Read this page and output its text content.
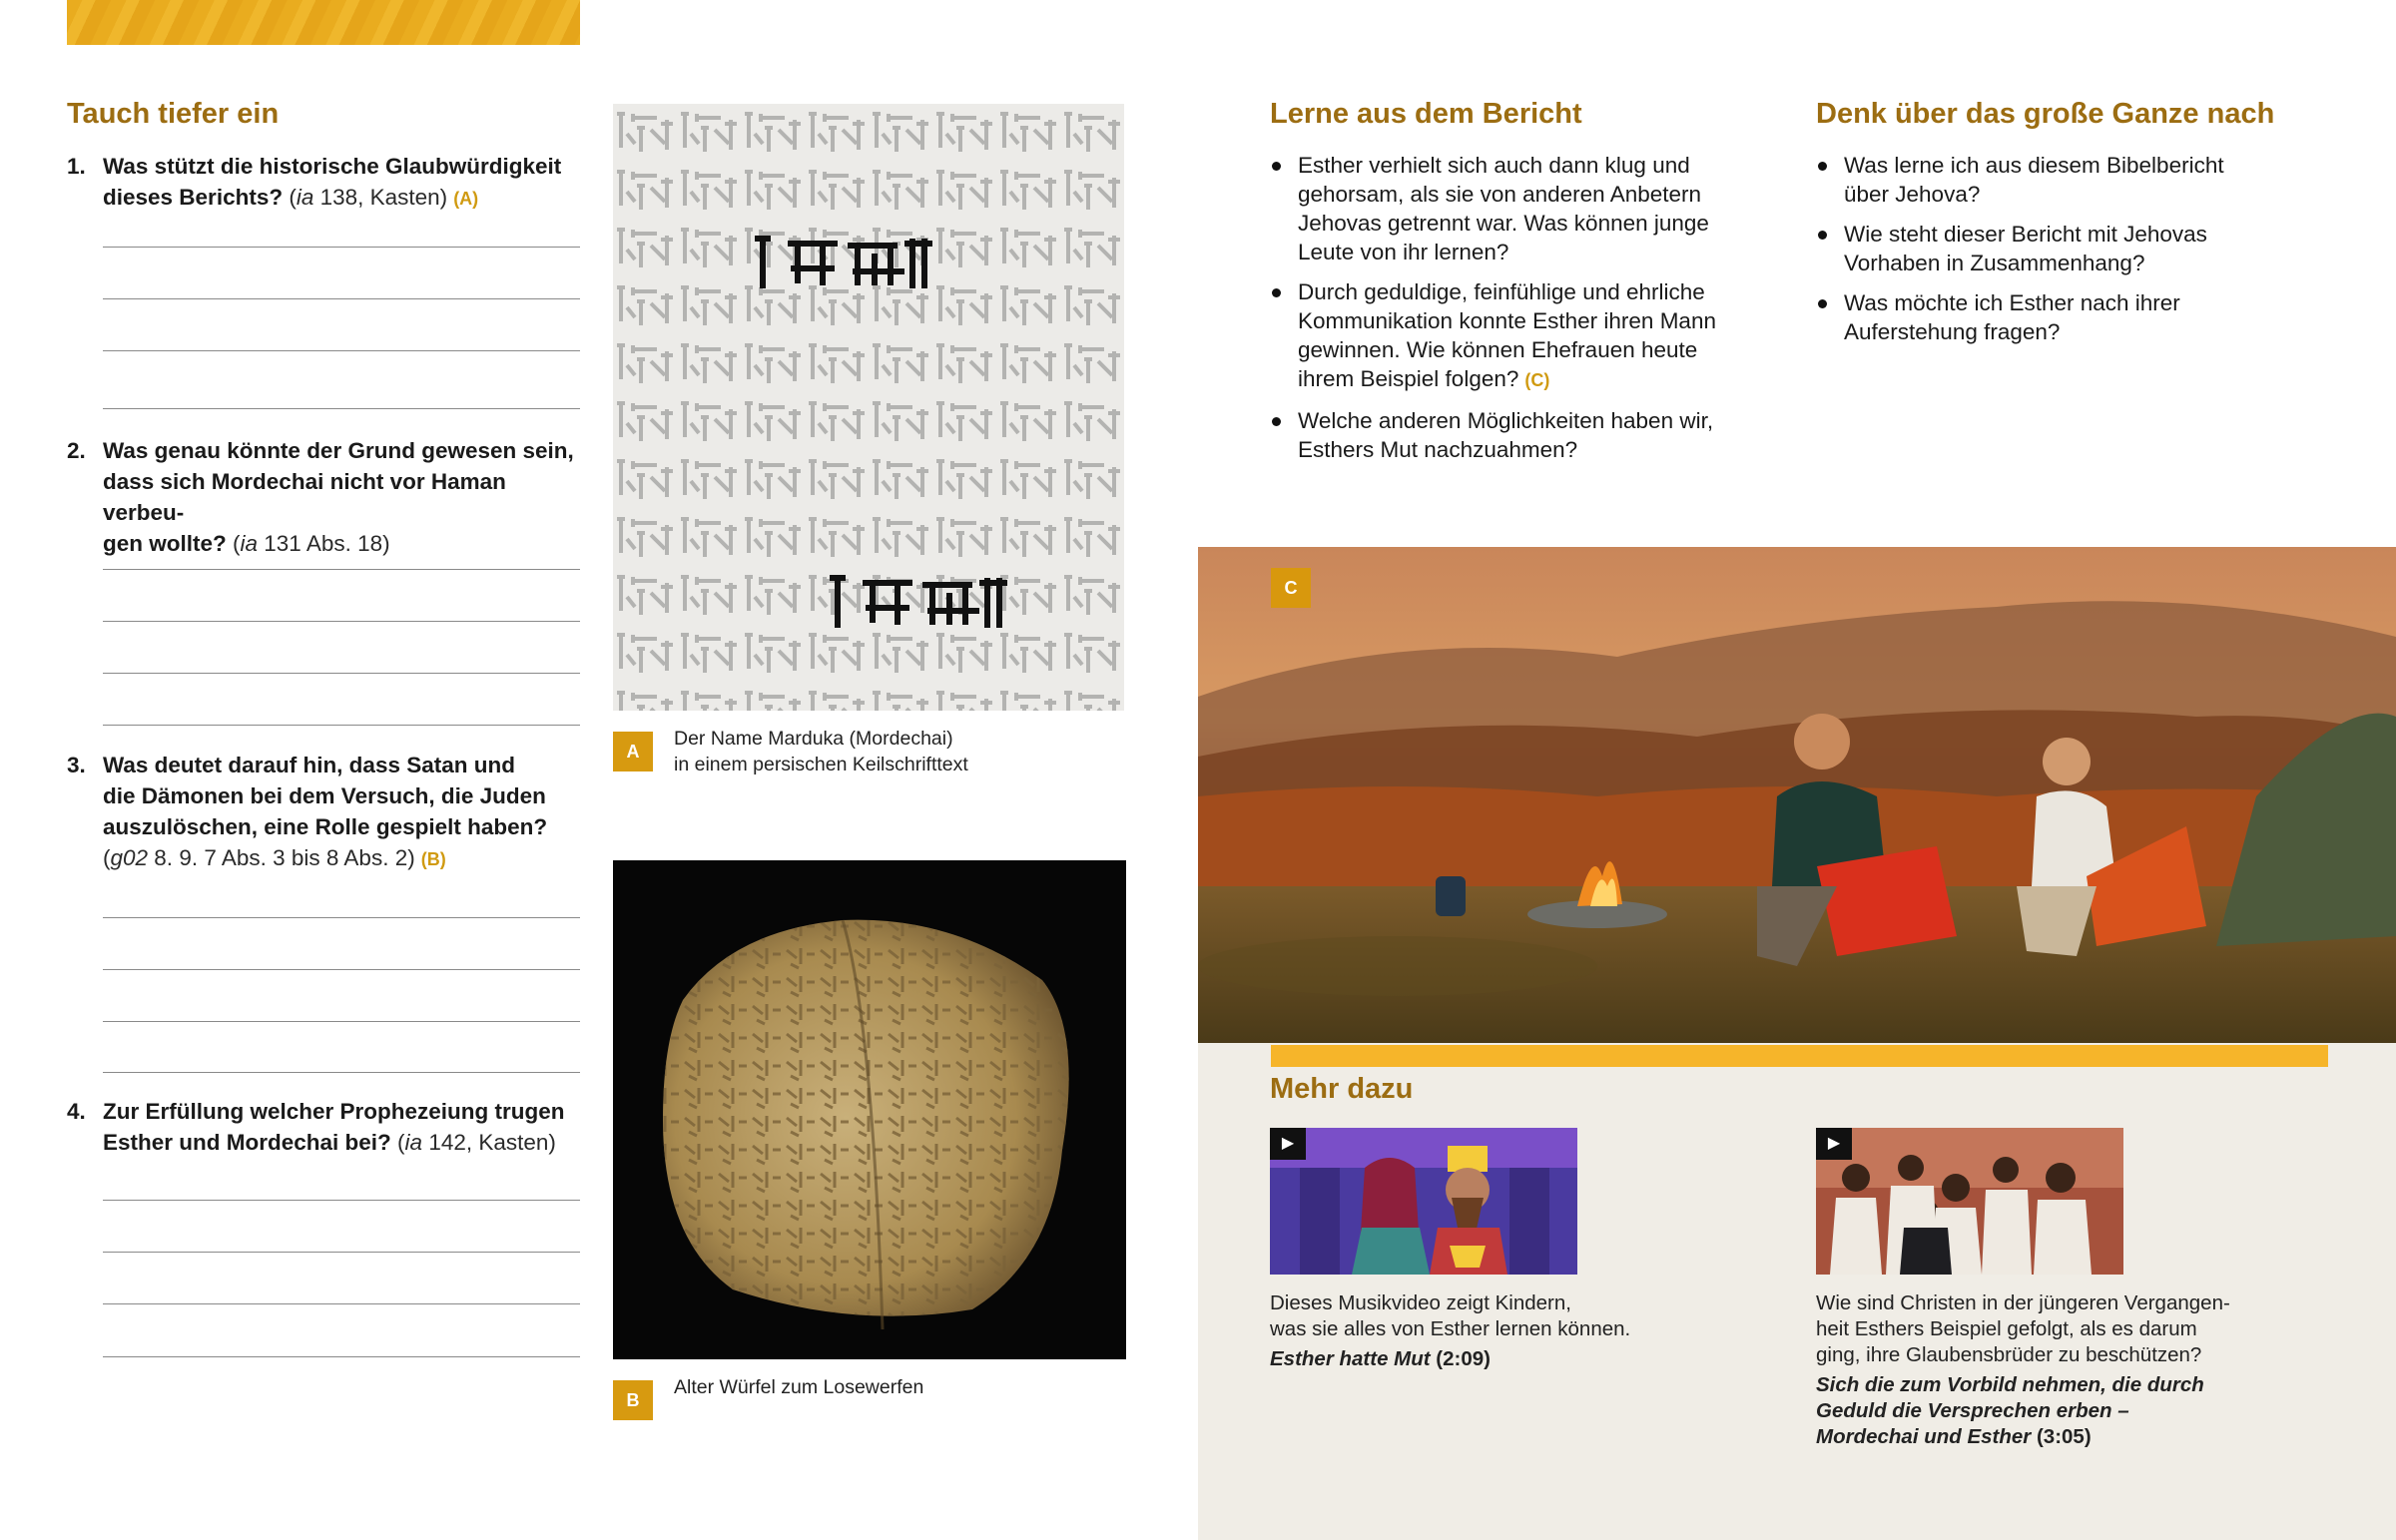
Tauch tiefer ein
1. Was stützt die historische Glaubwürdigkeit
dieses Berichts? (ia 138, Kasten) (A)
2. Was genau könnte der Grund gewesen sein,
dass sich Mordechai nicht vor Haman verbeu-
gen wollte? (ia 131 Abs. 18)
3. Was deutet darauf hin, dass Satan und
die Dämonen bei dem Versuch, die Juden
auszulöschen, eine Rolle gespielt haben?
(g02 8. 9. 7 Abs. 3 bis 8 Abs. 2) (B)
4. Zur Erfüllung welcher Prophezeiung trugen
Esther und Mordechai bei? (ia 142, Kasten)
A
Der Name Marduka (Mordechai)
in einem persischen Keilschrifttext
B
Alter Würfel zum Losewerfen
Lerne aus dem Bericht
Esther verhielt sich auch dann klug und gehorsam, als sie von anderen Anbetern Jehovas getrennt war. Was können junge Leute von ihr lernen?
Durch geduldige, feinfühlige und ehrliche Kommunikation konnte Esther ihren Mann gewinnen. Wie können Ehefrauen heute ihrem Beispiel folgen? (C)
Welche anderen Möglichkeiten haben wir, Esthers Mut nachzuahmen?
Denk über das große Ganze nach
Was lerne ich aus diesem Bibelbericht über Jehova?
Wie steht dieser Bericht mit Jehovas Vorhaben in Zusammenhang?
Was möchte ich Esther nach ihrer Auferstehung fragen?
C
Mehr dazu
▶
Dieses Musikvideo zeigt Kindern,
was sie alles von Esther lernen können.
Esther hatte Mut (2:09)
▶
Wie sind Christen in der jüngeren Vergangen-
heit Esthers Beispiel gefolgt, als es darum
ging, ihre Glaubensbrüder zu beschützen?
Sich die zum Vorbild nehmen, die durch
Geduld die Versprechen erben –
Mordechai und Esther (3:05)
